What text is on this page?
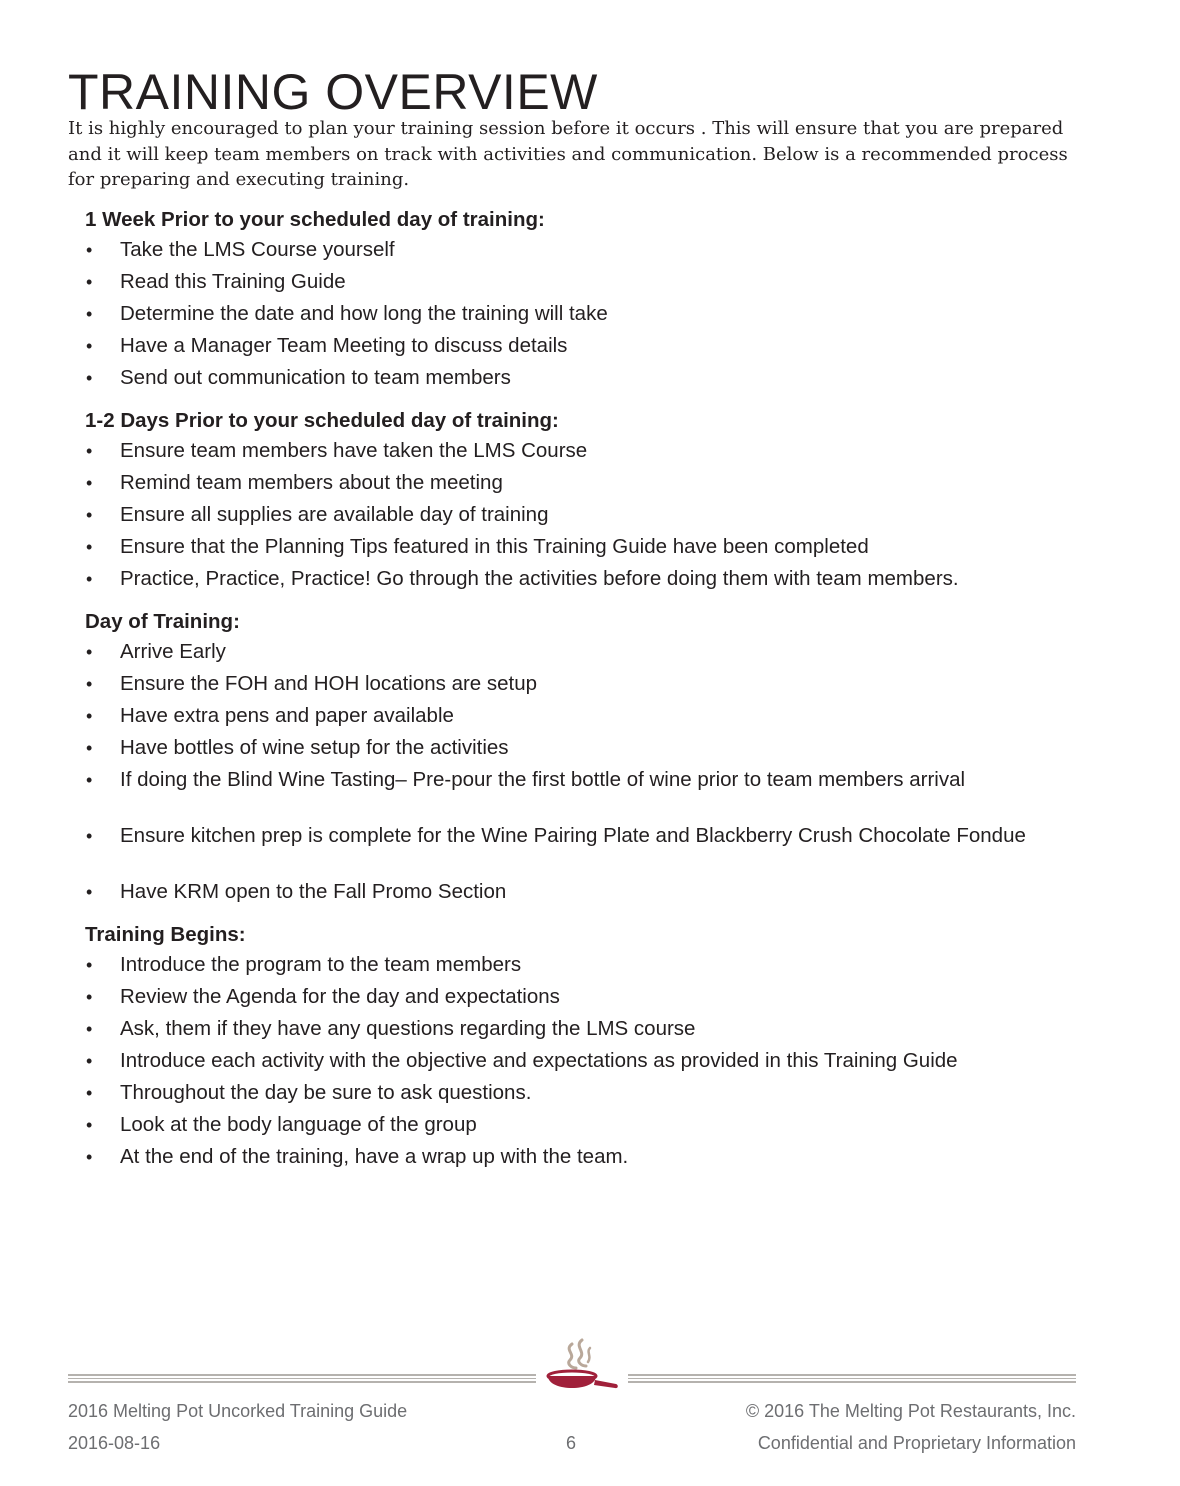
TRAINING OVERVIEW

It is highly encouraged to plan your training session before it occurs . This will ensure that you are prepared and it will keep team members on track with activities and communication. Below is a recommended process for preparing and executing training.

1 Week Prior to your scheduled day of training:
• Take the LMS Course yourself
• Read this Training Guide
• Determine the date and how long the training will take
• Have a Manager Team Meeting to discuss details
• Send out communication to team members
1-2 Days Prior to your scheduled day of training:
• Ensure team members have taken the LMS Course
• Remind team members about the meeting
• Ensure all supplies are available day of training
• Ensure that the Planning Tips featured in this Training Guide have been completed
• Practice, Practice, Practice! Go through the activities before doing them with team members.
Day of Training:
• Arrive Early
• Ensure the FOH and HOH locations are setup
• Have extra pens and paper available
• Have bottles of wine setup for the activities
• If doing the Blind Wine Tasting– Pre-pour the first bottle of wine prior to team members arrival
• Ensure kitchen prep is complete for the Wine Pairing Plate and Blackberry Crush Chocolate Fondue
• Have KRM open to the Fall Promo Section
Training Begins:
• Introduce the program to the team members
• Review the Agenda for the day and expectations
• Ask, them if they have any questions regarding the LMS course
• Introduce each activity with the objective and expectations as provided in this Training Guide
• Throughout the day be sure to ask questions.
• Look at the body language of the group
• At the end of the training, have a wrap up with the team.
2016 Melting Pot Uncorked Training Guide
2016-08-16	6
© 2016 The Melting Pot Restaurants, Inc.
Confidential and Proprietary Information
